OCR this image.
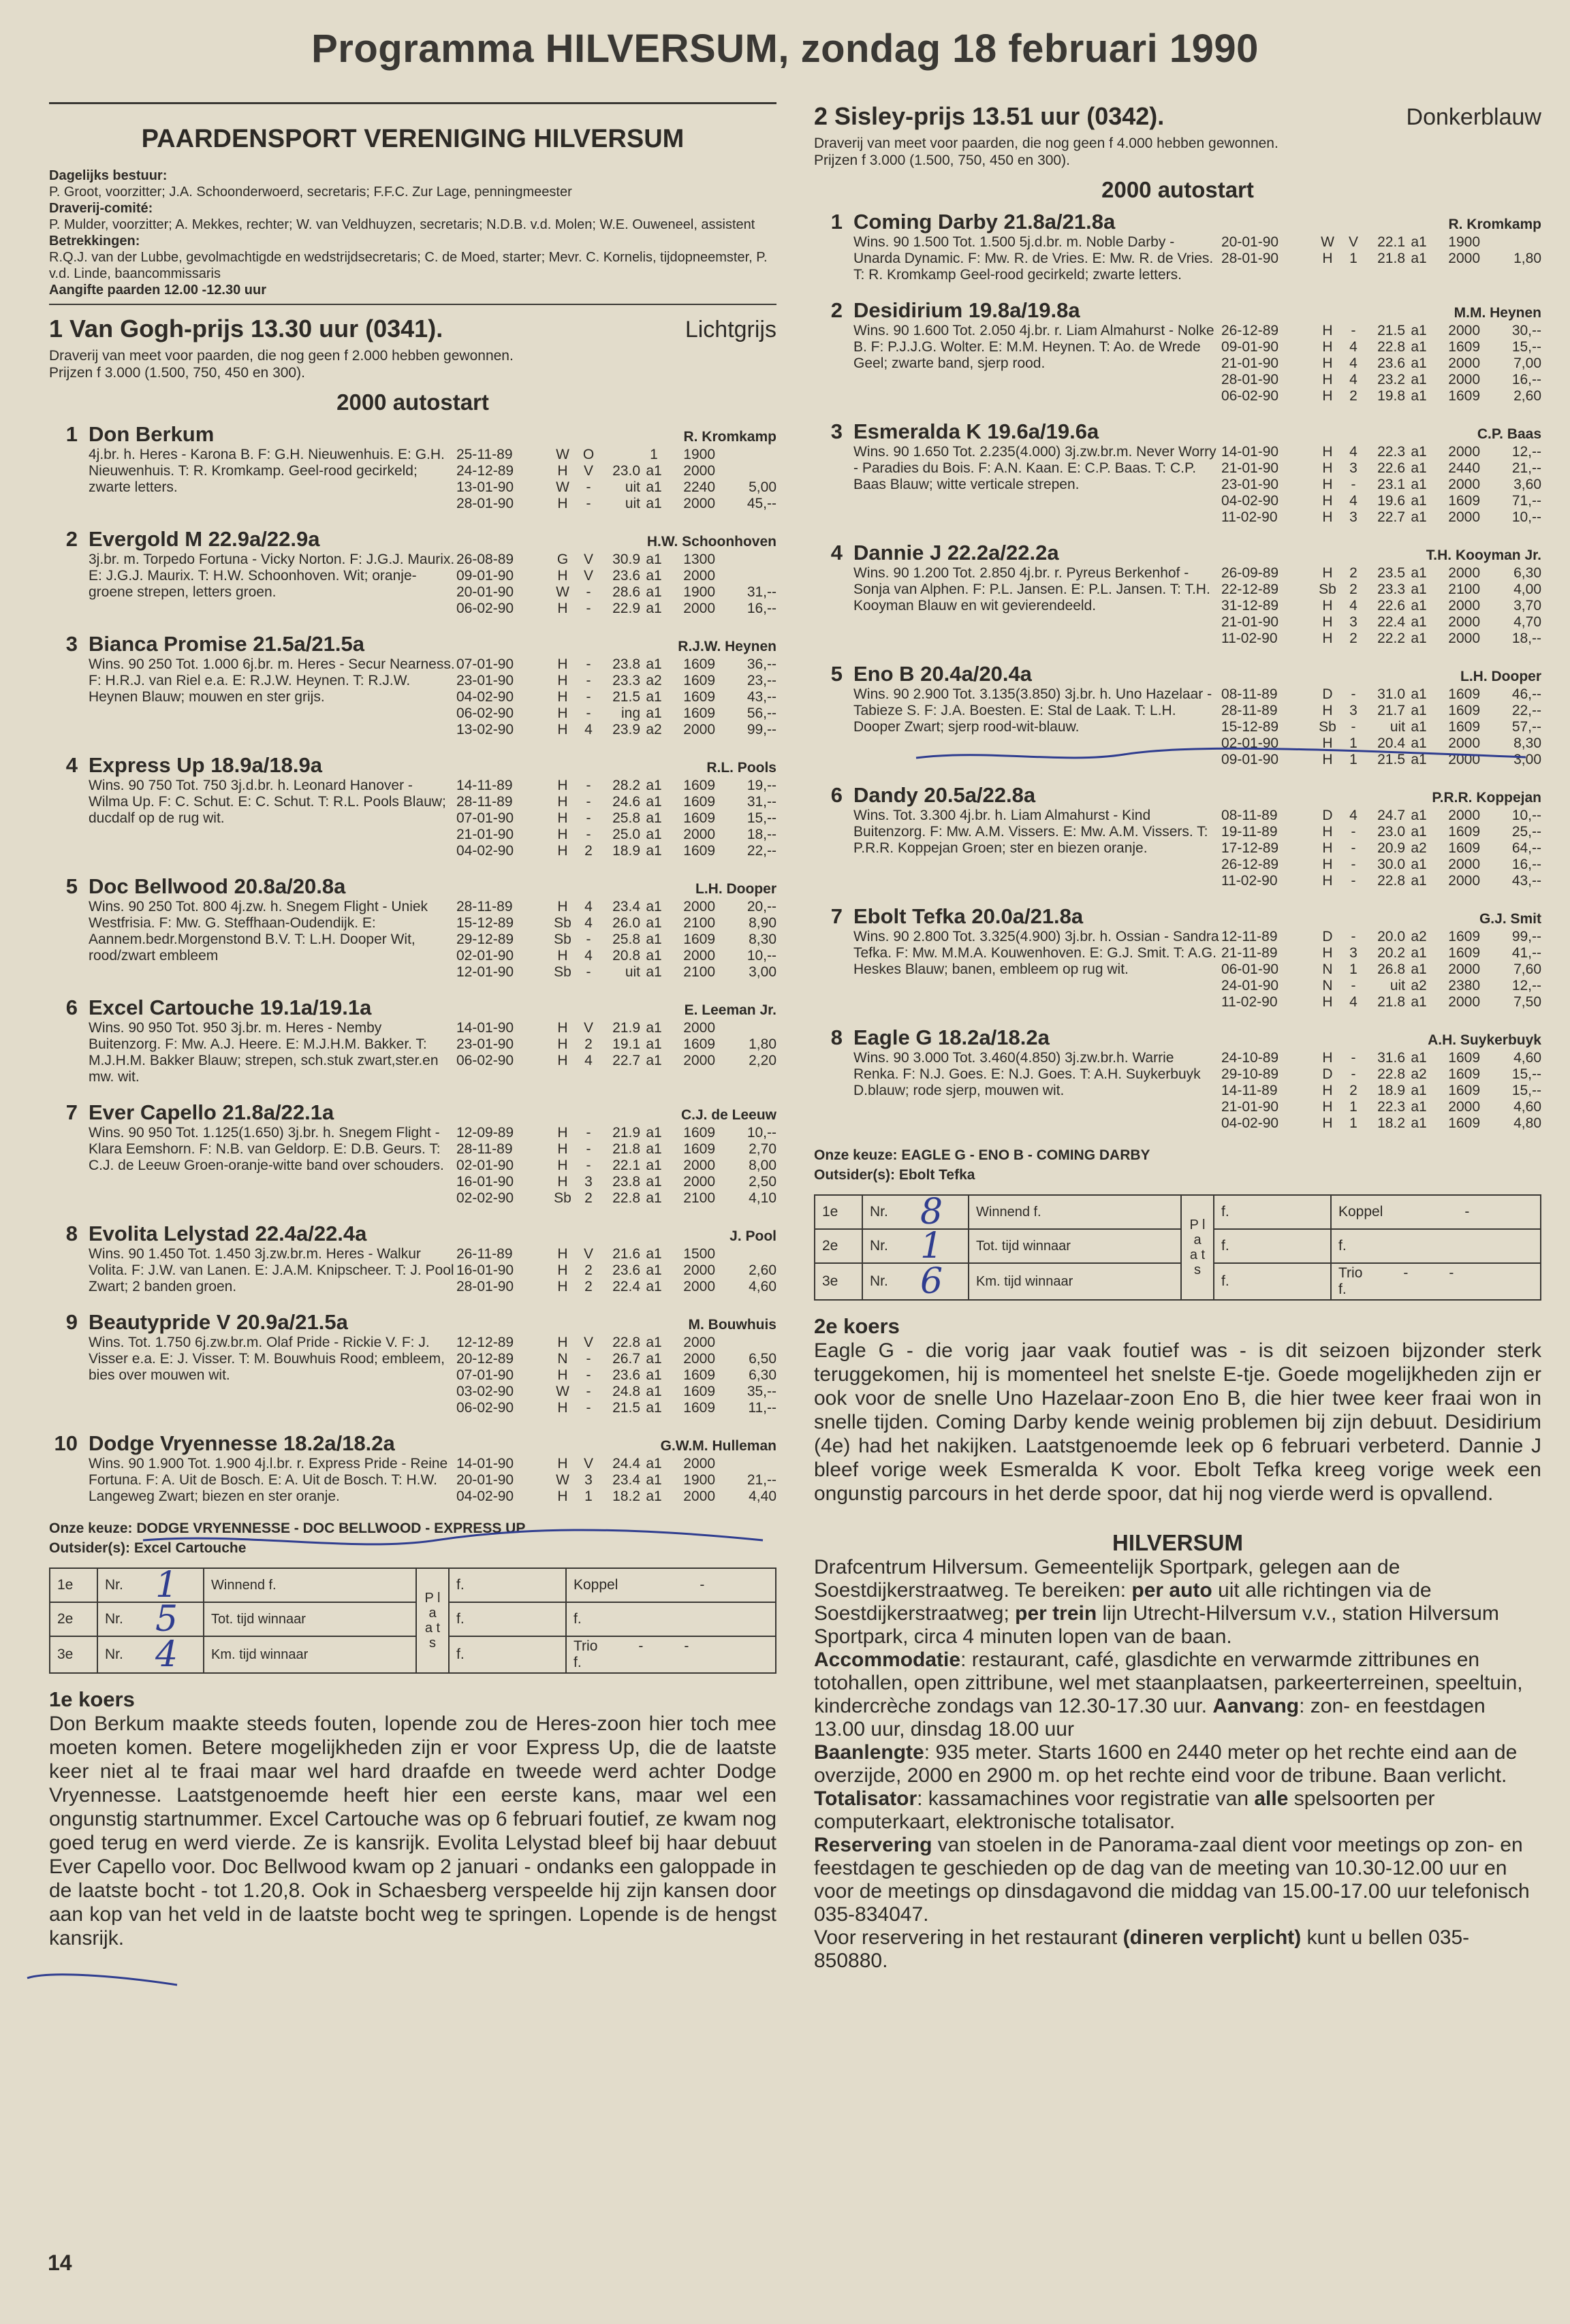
Programma HILVERSUM, zondag 18 februari 1990
PAARDENSPORT VERENIGING HILVERSUM
Dagelijks bestuur:
P. Groot, voorzitter; J.A. Schoonderwoerd, secretaris; F.F.C. Zur Lage, penningmeester
Draverij-comité:
P. Mulder, voorzitter; A. Mekkes, rechter; W. van Veldhuyzen, secretaris; N.D.B. v.d. Molen; W.E. Ouweneel, assistent
Betrekkingen:
R.Q.J. van der Lubbe, gevolmachtigde en wedstrijdsecretaris; C. de Moed, starter; Mevr. C. Kornelis, tijdopneemster, P. v.d. Linde, baancommissaris
Aangifte paarden 12.00 -12.30 uur
1 Van Gogh-prijs 13.30 uur (0341).	Lichtgrijs
Draverij van meet voor paarden, die nog geen f 2.000 hebben gewonnen.
Prijzen f 3.000 (1.500, 750, 450 en 300).
2000 autostart
1 Don Berkum	R. Kromkamp
4j.br. h. Heres - Karona B. F: G.H. Nieuwenhuis. E: G.H. Nieuwenhuis. T: R. Kromkamp. Geel-rood gecirkeld; zwarte letters.
25-11-89	W O	1	1900
24-12-89	H	V	23.0 a1	2000
13-01-90	W	-	uit a1	2240	5,00
28-01-90	H	-	uit a1	2000	45,--
2 Evergold M 22.9a/22.9a	H.W. Schoonhoven
3j.br. m. Torpedo Fortuna - Vicky Norton. F: J.G.J. Maurix. E: J.G.J. Maurix. T: H.W. Schoonhoven. Wit; oranje-groene strepen, letters groen.
26-08-89	G	V	30.9 a1	1300
09-01-90	H	V	23.6 a1	2000
20-01-90	W	-	28.6 a1	1900	31,--
06-02-90	H	-	22.9 a1	2000	16,--
3 Bianca Promise 21.5a/21.5a	R.J.W. Heynen
Wins. 90 250 Tot. 1.000 6j.br. m. Heres - Secur Nearness. F: H.R.J. van Riel e.a. E: R.J.W. Heynen. T: R.J.W. Heynen Blauw; mouwen en ster grijs.
07-01-90	H	-	23.8 a1	1609	36,--
23-01-90	H	-	23.3 a2	1609	23,--
04-02-90	H	-	21.5 a1	1609	43,--
06-02-90	H	-	ing a1	1609	56,--
13-02-90	H	4	23.9 a2	2000	99,--
4 Express Up 18.9a/18.9a	R.L. Pools
Wins. 90 750 Tot. 750 3j.d.br. h. Leonard Hanover - Wilma Up. F: C. Schut. E: C. Schut. T: R.L. Pools Blauw; ducdalf op de rug wit.
14-11-89	H	-	28.2 a1	1609	19,--
28-11-89	H	-	24.6 a1	1609	31,--
07-01-90	H	-	25.8 a1	1609	15,--
21-01-90	H	-	25.0 a1	2000	18,--
04-02-90	H	2	18.9 a1	1609	22,--
5 Doc Bellwood 20.8a/20.8a	L.H. Dooper
Wins. 90 250 Tot. 800 4j.zw. h. Snegem Flight - Uniek Westfrisia. F: Mw. G. Steffhaan-Oudendijk. E: Aannem.bedr.Morgenstond B.V. T: L.H. Dooper Wit, rood/zwart embleem
28-11-89	H	4	23.4 a1	2000	20,--
15-12-89	Sb 4	26.0 a1	2100	8,90
29-12-89	Sb	-	25.8 a1	1609	8,30
02-01-90	H	4	20.8 a1	2000	10,--
12-01-90	Sb	-	uit a1	2100	3,00
6 Excel Cartouche 19.1a/19.1a	E. Leeman Jr.
Wins. 90 950 Tot. 950 3j.br. m. Heres - Nemby Buitenzorg. F: Mw. A.J. Heere. E: M.J.H.M. Bakker. T: M.J.H.M. Bakker Blauw; strepen, sch.stuk zwart,ster.en mw. wit.
14-01-90	H	V	21.9 a1	2000
23-01-90	H	2	19.1 a1	1609	1,80
06-02-90	H	4	22.7 a1	2000	2,20
7 Ever Capello 21.8a/22.1a	C.J. de Leeuw
Wins. 90 950 Tot. 1.125(1.650) 3j.br. h. Snegem Flight - Klara Eemshorn. F: N.B. van Geldorp. E: D.B. Geurs. T: C.J. de Leeuw Groen-oranje-witte band over schouders.
12-09-89	H	-	21.9 a1	1609	10,--
28-11-89	H	-	21.8 a1	1609	2,70
02-01-90	H	-	22.1 a1	2000	8,00
16-01-90	H	3	23.8 a1	2000	2,50
02-02-90	Sb 2	22.8 a1	2100	4,10
8 Evolita Lelystad 22.4a/22.4a	J. Pool
Wins. 90 1.450 Tot. 1.450 3j.zw.br.m. Heres - Walkur Volita. F: J.W. van Lanen. E: J.A.M. Knipscheer. T: J. Pool Zwart; 2 banden groen.
26-11-89	H	V	21.6 a1	1500
16-01-90	H	2	23.6 a1	2000	2,60
28-01-90	H	2	22.4 a1	2000	4,60
9 Beautypride V 20.9a/21.5a	M. Bouwhuis
Wins. Tot. 1.750 6j.zw.br.m. Olaf Pride - Rickie V. F: J. Visser e.a. E: J. Visser. T: M. Bouwhuis Rood; embleem, bies over mouwen wit.
12-12-89	H	V	22.8 a1	2000
20-12-89	N	-	26.7 a1	2000	6,50
07-01-90	H	-	23.6 a1	1609	6,30
03-02-90	W	-	24.8 a1	1609	35,--
06-02-90	H	-	21.5 a1	1609	11,--
10 Dodge Vryennesse 18.2a/18.2a	G.W.M. Hulleman
Wins. 90 1.900 Tot. 1.900 4j.l.br. r. Express Pride - Reine Fortuna. F: A. Uit de Bosch. E: A. Uit de Bosch. T: H.W. Langeweg Zwart; biezen en ster oranje.
14-01-90	H	V	24.4 a1	2000
20-01-90	W	3	23.4 a1	1900	21,--
04-02-90	H	1	18.2 a1	2000	4,40
Onze keuze: DODGE VRYENNESSE - DOC BELLWOOD - EXPRESS UP
Outsider(s): Excel Cartouche
1e	Nr.	1	Winnend f.	P l a a t s	f.	Koppel -
2e	Nr.	5	Tot. tijd winnaar		f.	f.
3e	Nr.	4	Km. tijd winnaar		f.	Trio - -
f.
1e koers
Don Berkum maakte steeds fouten, lopende zou de Heres-zoon hier toch mee moeten komen. Betere mogelijkheden zijn er voor Express Up, die de laatste keer niet al te fraai maar wel hard draafde en tweede werd achter Dodge Vryennesse. Laatstgenoemde heeft hier een eerste kans, maar wel een ongunstig startnummer. Excel Cartouche was op 6 februari foutief, ze kwam nog goed terug en werd vierde. Ze is kansrijk. Evolita Lelystad bleef bij haar debuut Ever Capello voor. Doc Bellwood kwam op 2 januari - ondanks een galoppade in de laatste bocht - tot 1.20,8. Ook in Schaesberg verspeelde hij zijn kansen door aan kop van het veld in de laatste bocht weg te springen. Lopende is de hengst kansrijk.
2 Sisley-prijs 13.51 uur (0342).	Donkerblauw
Draverij van meet voor paarden, die nog geen f 4.000 hebben gewonnen.
Prijzen f 3.000 (1.500, 750, 450 en 300).
2000 autostart
1 Coming Darby 21.8a/21.8a	R. Kromkamp
Wins. 90 1.500 Tot. 1.500 5j.d.br. m. Noble Darby - Unarda Dynamic. F: Mw. R. de Vries. E: Mw. R. de Vries. T: R. Kromkamp Geel-rood gecirkeld; zwarte letters.
20-01-90	W	V	22.1 a1	1900
28-01-90	H	1	21.8 a1	2000	1,80
2 Desidirium 19.8a/19.8a	M.M. Heynen
Wins. 90 1.600 Tot. 2.050 4j.br. r. Liam Almahurst - Nolke B. F: P.J.J.G. Wolter. E: M.M. Heynen. T: Ao. de Wrede Geel; zwarte band, sjerp rood.
26-12-89	H	-	21.5 a1	2000	30,--
09-01-90	H	4	22.8 a1	1609	15,--
21-01-90	H	4	23.6 a1	2000	7,00
28-01-90	H	4	23.2 a1	2000	16,--
06-02-90	H	2	19.8 a1	1609	2,60
3 Esmeralda K 19.6a/19.6a	C.P. Baas
Wins. 90 1.650 Tot. 2.235(4.000) 3j.zw.br.m. Never Worry - Paradies du Bois. F: A.N. Kaan. E: C.P. Baas. T: C.P. Baas Blauw; witte verticale strepen.
14-01-90	H	4	22.3 a1	2000	12,--
21-01-90	H	3	22.6 a1	2440	21,--
23-01-90	H	-	23.1 a1	2000	3,60
04-02-90	H	4	19.6 a1	1609	71,--
11-02-90	H	3	22.7 a1	2000	10,--
4 Dannie J 22.2a/22.2a	T.H. Kooyman Jr.
Wins. 90 1.200 Tot. 2.850 4j.br. r. Pyreus Berkenhof - Sonja van Alphen. F: P.L. Jansen. E: P.L. Jansen. T: T.H. Kooyman Blauw en wit gevierendeeld.
26-09-89	H	2	23.5 a1	2000	6,30
22-12-89	Sb 2	23.3 a1	2100	4,00
31-12-89	H	4	22.6 a1	2000	3,70
21-01-90	H	3	22.4 a1	2000	4,70
11-02-90	H	2	22.2 a1	2000	18,--
5 Eno B 20.4a/20.4a	L.H. Dooper
Wins. 90 2.900 Tot. 3.135(3.850) 3j.br. h. Uno Hazelaar - Tabieze S. F: J.A. Boesten. E: Stal de Laak. T: L.H. Dooper Zwart; sjerp rood-wit-blauw.
08-11-89	D	-	31.0 a1	1609	46,--
28-11-89	H	3	21.7 a1	1609	22,--
15-12-89	Sb	-	uit a1	1609	57,--
02-01-90	H	1	20.4 a1	2000	8,30
09-01-90	H	1	21.5 a1	2000	3,00
6 Dandy 20.5a/22.8a	P.R.R. Koppejan
Wins. Tot. 3.300 4j.br. h. Liam Almahurst - Kind Buitenzorg. F: Mw. A.M. Vissers. E: Mw. A.M. Vissers. T: P.R.R. Koppejan Groen; ster en biezen oranje.
08-11-89	D	4	24.7 a1	2000	10,--
19-11-89	H	-	23.0 a1	1609	25,--
17-12-89	H	-	20.9 a2	1609	64,--
26-12-89	H	-	30.0 a1	2000	16,--
11-02-90	H	-	22.8 a1	2000	43,--
7 Ebolt Tefka 20.0a/21.8a	G.J. Smit
Wins. 90 2.800 Tot. 3.325(4.900) 3j.br. h. Ossian - Sandra Tefka. F: Mw. M.M.A. Kouwenhoven. E: G.J. Smit. T: A.G. Heskes Blauw; banen, embleem op rug wit.
12-11-89	D	-	20.0 a2	1609	99,--
21-11-89	H	3	20.2 a1	1609	41,--
06-01-90	N	1	26.8 a1	2000	7,60
24-01-90	N	-	uit a2	2380	12,--
11-02-90	H	4	21.8 a1	2000	7,50
8 Eagle G 18.2a/18.2a	A.H. Suykerbuyk
Wins. 90 3.000 Tot. 3.460(4.850) 3j.zw.br.h. Warrie Renka. F: N.J. Goes. E: N.J. Goes. T: A.H. Suykerbuyk D.blauw; rode sjerp, mouwen wit.
24-10-89	H	-	31.6 a1	1609	4,60
29-10-89	D	-	22.8 a2	1609	15,--
14-11-89	H	2	18.9 a1	1609	15,--
21-01-90	H	1	22.3 a1	2000	4,60
04-02-90	H	1	18.2 a1	1609	4,80
Onze keuze: EAGLE G - ENO B - COMING DARBY
Outsider(s): Ebolt Tefka
1e	Nr.	8	Winnend f.	P l a a t s	f.	Koppel -
2e	Nr.	1	Tot. tijd winnaar		f.	f.
3e	Nr.	6	Km. tijd winnaar		f.	Trio - -
f.
2e koers
Eagle G - die vorig jaar vaak foutief was - is dit seizoen bijzonder sterk teruggekomen, hij is momenteel het snelste E-tje. Goede mogelijkheden zijn er ook voor de snelle Uno Hazelaar-zoon Eno B, die hier twee keer fraai won in snelle tijden. Coming Darby kende weinig problemen bij zijn debuut. Desidirium (4e) had het nakijken. Laatstgenoemde leek op 6 februari verbeterd. Dannie J bleef vorige week Esmeralda K voor. Ebolt Tefka kreeg vorige week een ongunstig parcours in het derde spoor, dat hij nog vierde werd is opvallend.
HILVERSUM
Drafcentrum Hilversum. Gemeentelijk Sportpark, gelegen aan de Soestdijkerstraatweg. Te bereiken: per auto uit alle richtingen via de Soestdijkerstraatweg; per trein lijn Utrecht-Hilversum v.v., station Hilversum Sportpark, circa 4 minuten lopen van de baan.
Accommodatie: restaurant, café, glasdichte en verwarmde zittribunes en totohallen, open zittribune, wel met staanplaatsen, parkeerterreinen, speeltuin, kindercrèche zondags van 12.30-17.30 uur. Aanvang: zon- en feestdagen 13.00 uur, dinsdag 18.00 uur
Baanlengte: 935 meter. Starts 1600 en 2440 meter op het rechte eind aan de overzijde, 2000 en 2900 m. op het rechte eind voor de tribune. Baan verlicht.
Totalisator: kassamachines voor registratie van alle spelsoorten per computerkaart, elektronische totalisator.
Reservering van stoelen in de Panorama-zaal dient voor meetings op zon- en feestdagen te geschieden op de dag van de meeting van 10.30-12.00 uur en voor de meetings op dinsdagavond die middag van 15.00-17.00 uur telefonisch 035-834047.
Voor reservering in het restaurant (dineren verplicht) kunt u bellen 035-850880.
14
